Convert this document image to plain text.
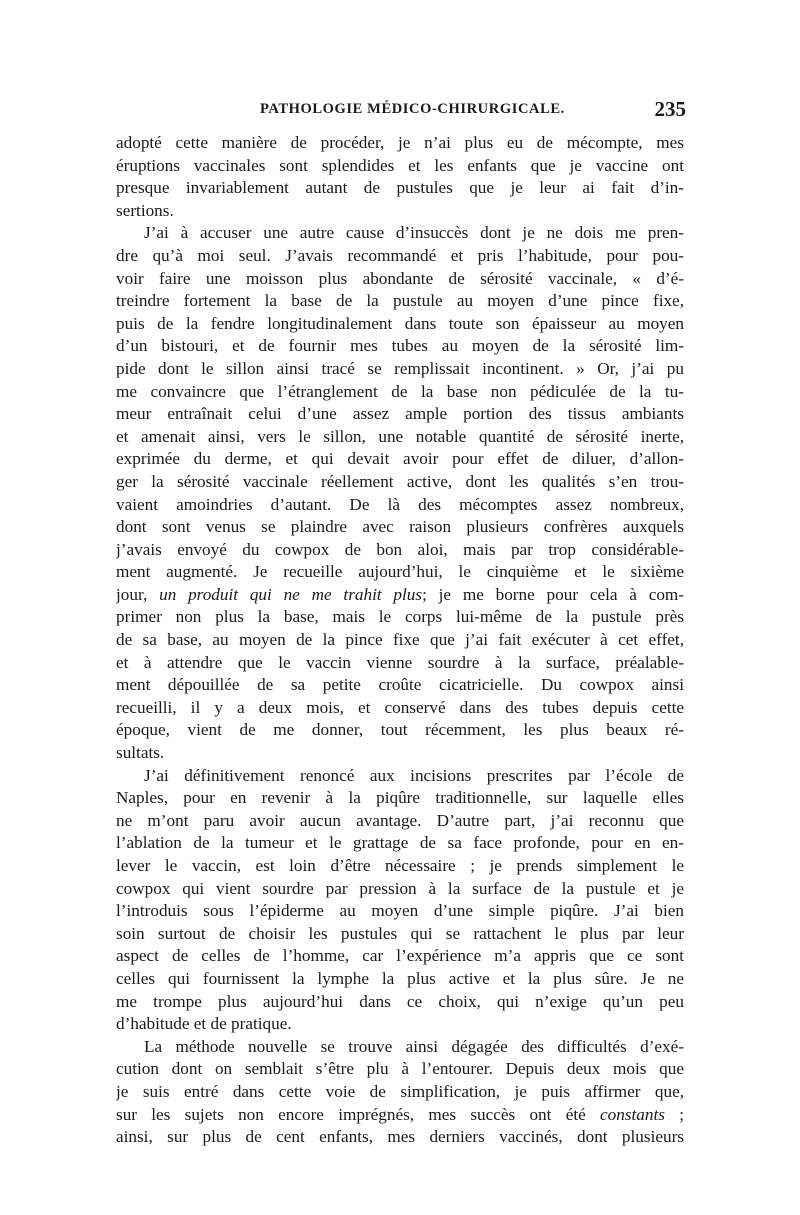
PATHOLOGIE MÉDICO-CHIRURGICALE.	235
adopté cette manière de procéder, je n’ai plus eu de mécompte, mes
éruptions vaccinales sont splendides et les enfants que je vaccine ont
presque invariablement autant de pustules que je leur ai fait d’in-
sertions.
J’ai à accuser une autre cause d’insuccès dont je ne dois me pren-
dre qu’à moi seul. J’avais recommandé et pris l’habitude, pour pou-
voir faire une moisson plus abondante de sérosité vaccinale, « d’é-
treindre fortement la base de la pustule au moyen d’une pince fixe,
puis de la fendre longitudinalement dans toute son épaisseur au moyen
d’un bistouri, et de fournir mes tubes au moyen de la sérosité lim-
pide dont le sillon ainsi tracé se remplissait incontinent. » Or, j’ai pu
me convaincre que l’étranglement de la base non pédiculée de la tu-
meur entraînait celui d’une assez ample portion des tissus ambiants
et amenait ainsi, vers le sillon, une notable quantité de sérosité inerte,
exprimée du derme, et qui devait avoir pour effet de diluer, d’allon-
ger la sérosité vaccinale réellement active, dont les qualités s’en trou-
vaient amoindries d’autant. De là des mécomptes assez nombreux,
dont sont venus se plaindre avec raison plusieurs confrères auxquels
j’avais envoyé du cowpox de bon aloi, mais par trop considérable-
ment augmenté. Je recueille aujourd’hui, le cinquième et le sixième
jour, un produit qui ne me trahit plus; je me borne pour cela à com-
primer non plus la base, mais le corps lui-même de la pustule près
de sa base, au moyen de la pince fixe que j’ai fait exécuter à cet effet,
et à attendre que le vaccin vienne sourdre à la surface, préalable-
ment dépouillée de sa petite croûte cicatricielle. Du cowpox ainsi
recueilli, il y a deux mois, et conservé dans des tubes depuis cette
époque, vient de me donner, tout récemment, les plus beaux ré-
sultats.
J’ai définitivement renoncé aux incisions prescrites par l’école de
Naples, pour en revenir à la piqûre traditionnelle, sur laquelle elles
ne m’ont paru avoir aucun avantage. D’autre part, j’ai reconnu que
l’ablation de la tumeur et le grattage de sa face profonde, pour en en-
lever le vaccin, est loin d’être nécessaire ; je prends simplement le
cowpox qui vient sourdre par pression à la surface de la pustule et je
l’introduis sous l’épiderme au moyen d’une simple piqûre. J’ai bien
soin surtout de choisir les pustules qui se rattachent le plus par leur
aspect de celles de l’homme, car l’expérience m’a appris que ce sont
celles qui fournissent la lymphe la plus active et la plus sûre. Je ne
me trompe plus aujourd’hui dans ce choix, qui n’exige qu’un peu
d’habitude et de pratique.
La méthode nouvelle se trouve ainsi dégagée des difficultés d’exé-
cution dont on semblait s’être plu à l’entourer. Depuis deux mois que
je suis entré dans cette voie de simplification, je puis affirmer que,
sur les sujets non encore imprégnés, mes succès ont été constants ;
ainsi, sur plus de cent enfants, mes derniers vaccinés, dont plusieurs
